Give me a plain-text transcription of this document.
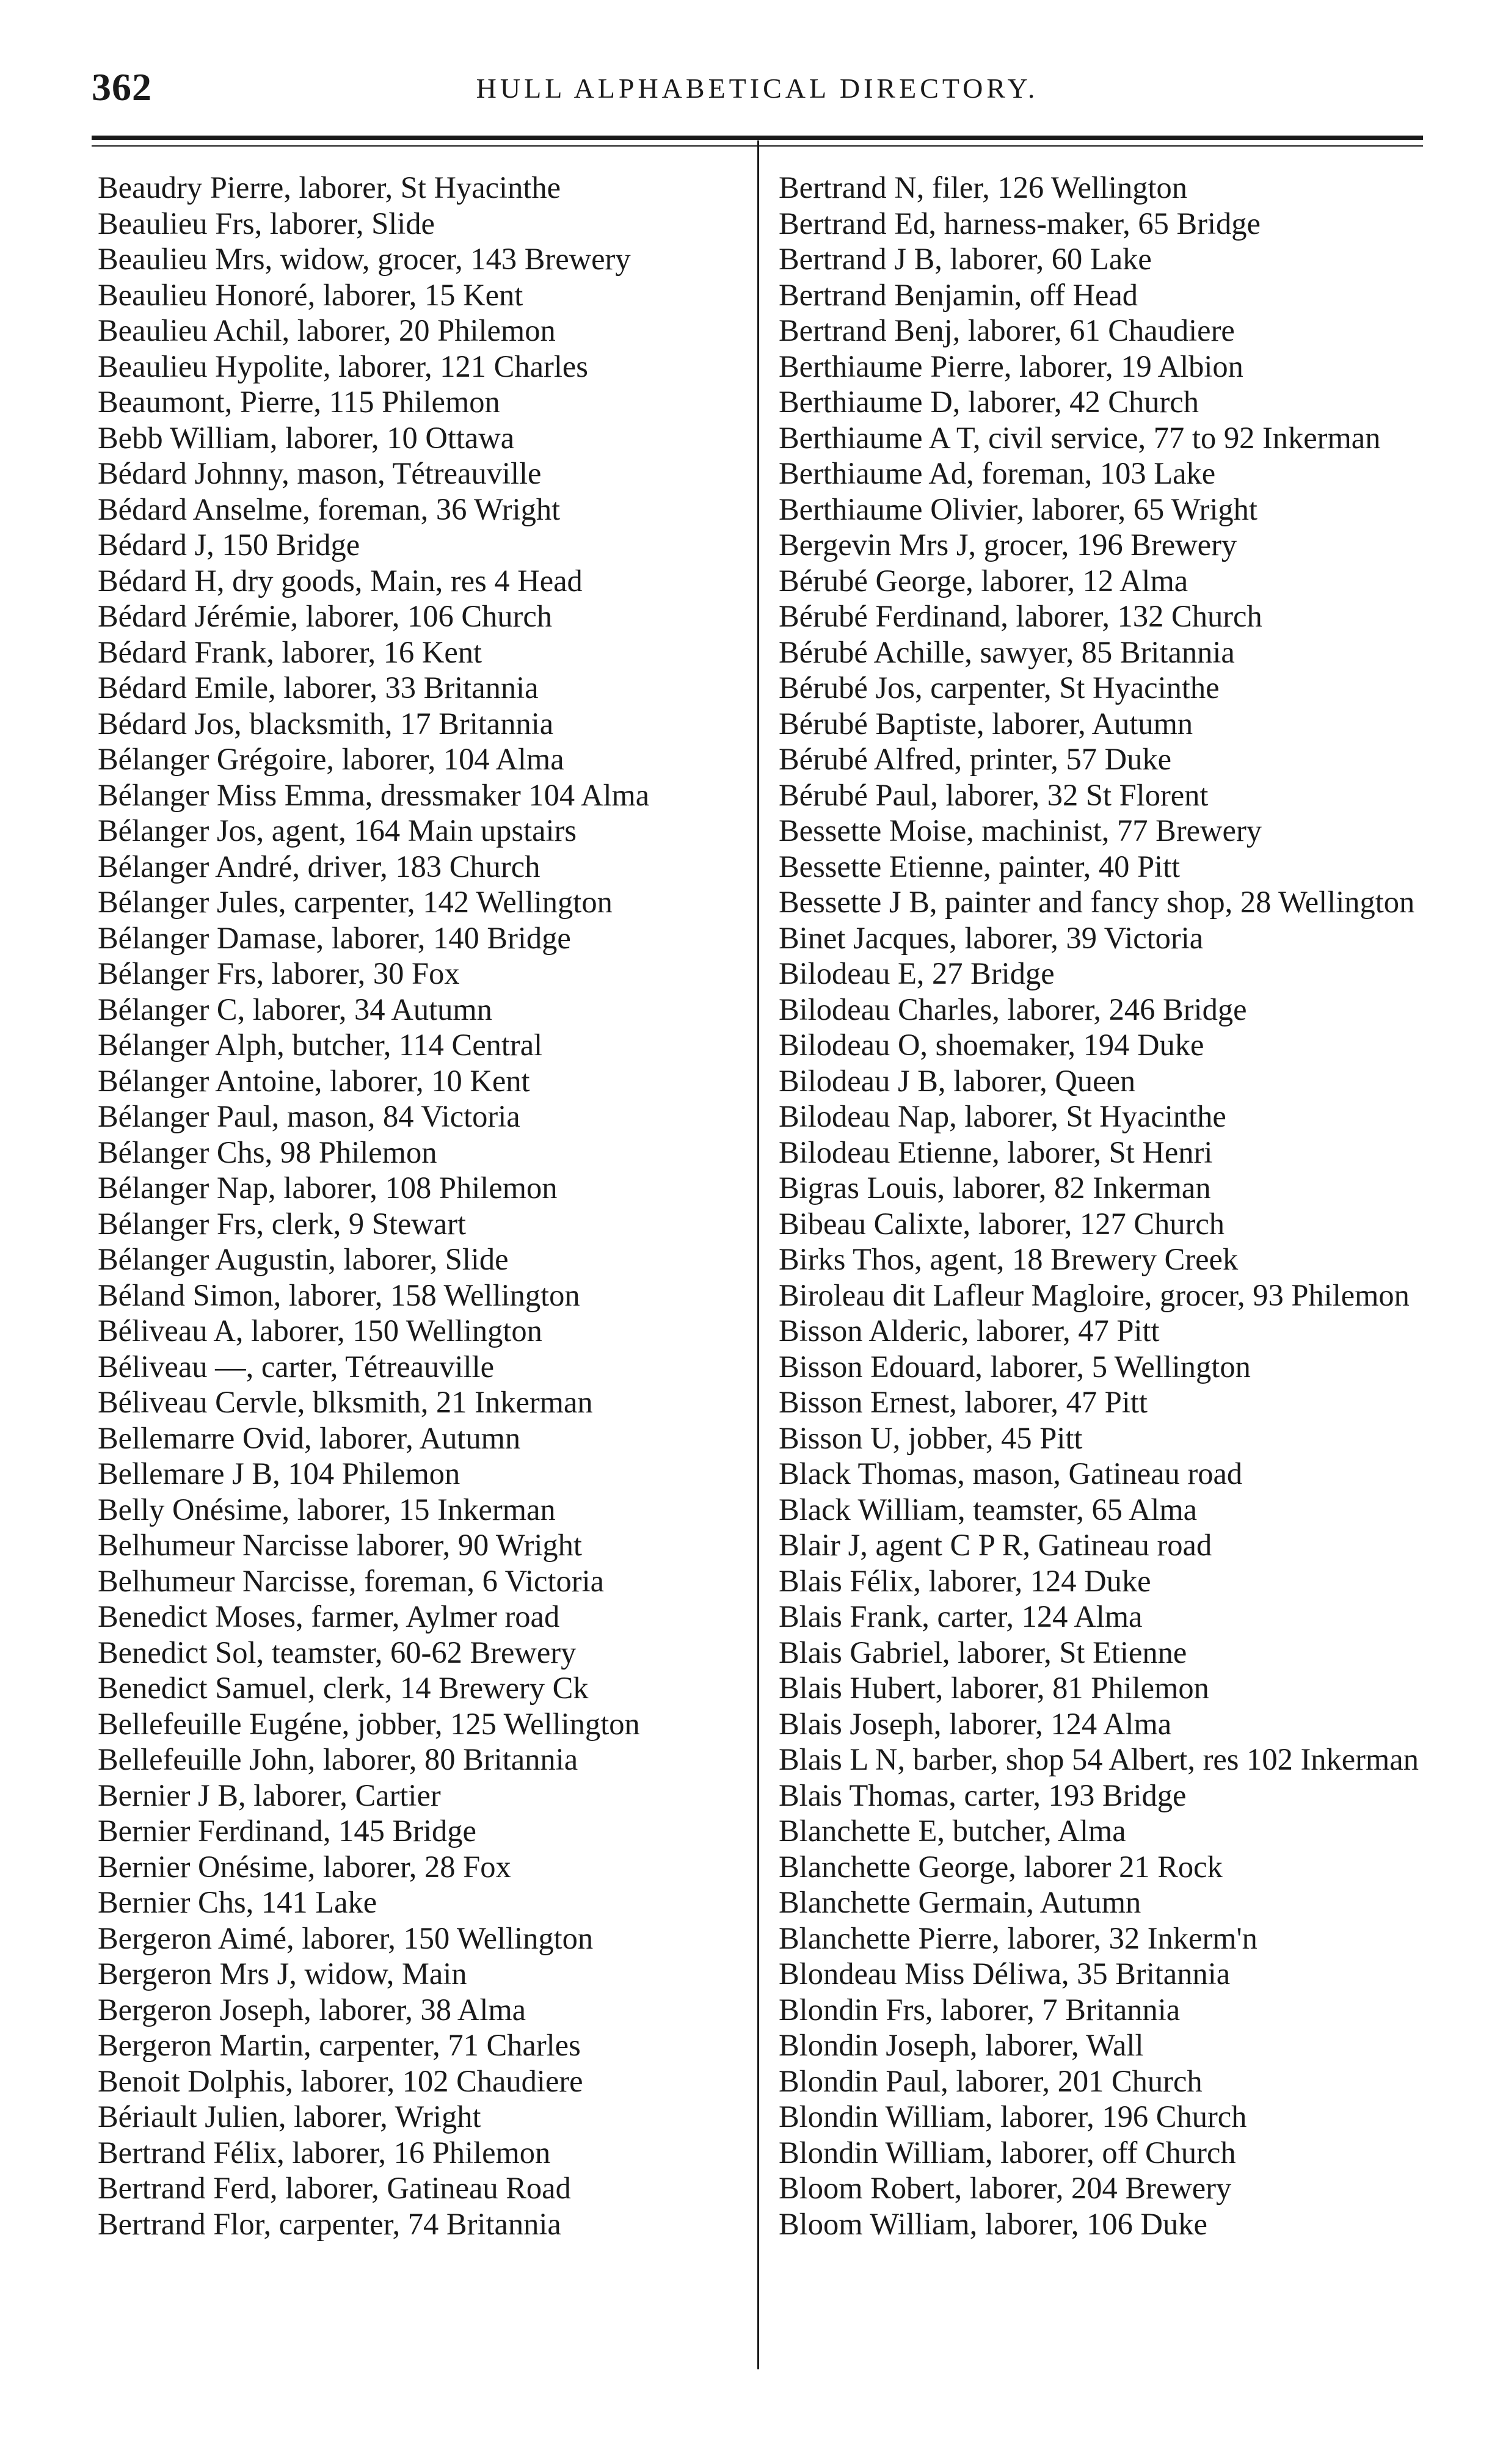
362	HULL ALPHABETICAL DIRECTORY.
Beaudry Pierre, laborer, St Hyacinthe
Beaulieu Frs, laborer, Slide
Beaulieu Mrs, widow, grocer, 143 Brewery
Beaulieu Honoré, laborer, 15 Kent
Beaulieu Achil, laborer, 20 Philemon
Beaulieu Hypolite, laborer, 121 Charles
Beaumont, Pierre, 115 Philemon
Bebb William, laborer, 10 Ottawa
Bédard Johnny, mason, Tétreauville
Bédard Anselme, foreman, 36 Wright
Bédard J, 150 Bridge
Bédard H, dry goods, Main, res 4 Head
Bédard Jérémie, laborer, 106 Church
Bédard Frank, laborer, 16 Kent
Bédard Emile, laborer, 33 Britannia
Bédard Jos, blacksmith, 17 Britannia
Bélanger Grégoire, laborer, 104 Alma
Bélanger Miss Emma, dressmaker 104 Alma
Bélanger Jos, agent, 164 Main upstairs
Bélanger André, driver, 183 Church
Bélanger Jules, carpenter, 142 Wellington
Bélanger Damase, laborer, 140 Bridge
Bélanger Frs, laborer, 30 Fox
Bélanger C, laborer, 34 Autumn
Bélanger Alph, butcher, 114 Central
Bélanger Antoine, laborer, 10 Kent
Bélanger Paul, mason, 84 Victoria
Bélanger Chs, 98 Philemon
Bélanger Nap, laborer, 108 Philemon
Bélanger Frs, clerk, 9 Stewart
Bélanger Augustin, laborer, Slide
Béland Simon, laborer, 158 Wellington
Béliveau A, laborer, 150 Wellington
Béliveau —, carter, Tétreauville
Béliveau Cervle, blksmith, 21 Inkerman
Bellemarre Ovid, laborer, Autumn
Bellemare J B, 104 Philemon
Belly Onésime, laborer, 15 Inkerman
Belhumeur Narcisse laborer, 90 Wright
Belhumeur Narcisse, foreman, 6 Victoria
Benedict Moses, farmer, Aylmer road
Benedict Sol, teamster, 60-62 Brewery
Benedict Samuel, clerk, 14 Brewery Ck
Bellefeuille Eugéne, jobber, 125 Wellington
Bellefeuille John, laborer, 80 Britannia
Bernier J B, laborer, Cartier
Bernier Ferdinand, 145 Bridge
Bernier Onésime, laborer, 28 Fox
Bernier Chs, 141 Lake
Bergeron Aimé, laborer, 150 Wellington
Bergeron Mrs J, widow, Main
Bergeron Joseph, laborer, 38 Alma
Bergeron Martin, carpenter, 71 Charles
Benoit Dolphis, laborer, 102 Chaudiere
Bériault Julien, laborer, Wright
Bertrand Félix, laborer, 16 Philemon
Bertrand Ferd, laborer, Gatineau Road
Bertrand Flor, carpenter, 74 Britannia
Bertrand N, filer, 126 Wellington
Bertrand Ed, harness-maker, 65 Bridge
Bertrand J B, laborer, 60 Lake
Bertrand Benjamin, off Head
Bertrand Benj, laborer, 61 Chaudiere
Berthiaume Pierre, laborer, 19 Albion
Berthiaume D, laborer, 42 Church
Berthiaume A T, civil service, 77 to 92 Inkerman
Berthiaume Ad, foreman, 103 Lake
Berthiaume Olivier, laborer, 65 Wright
Bergevin Mrs J, grocer, 196 Brewery
Bérubé George, laborer, 12 Alma
Bérubé Ferdinand, laborer, 132 Church
Bérubé Achille, sawyer, 85 Britannia
Bérubé Jos, carpenter, St Hyacinthe
Bérubé Baptiste, laborer, Autumn
Bérubé Alfred, printer, 57 Duke
Bérubé Paul, laborer, 32 St Florent
Bessette Moise, machinist, 77 Brewery
Bessette Etienne, painter, 40 Pitt
Bessette J B, painter and fancy shop, 28 Wellington
Binet Jacques, laborer, 39 Victoria
Bilodeau E, 27 Bridge
Bilodeau Charles, laborer, 246 Bridge
Bilodeau O, shoemaker, 194 Duke
Bilodeau J B, laborer, Queen
Bilodeau Nap, laborer, St Hyacinthe
Bilodeau Etienne, laborer, St Henri
Bigras Louis, laborer, 82 Inkerman
Bibeau Calixte, laborer, 127 Church
Birks Thos, agent, 18 Brewery Creek
Biroleau dit Lafleur Magloire, grocer, 93 Philemon
Bisson Alderic, laborer, 47 Pitt
Bisson Edouard, laborer, 5 Wellington
Bisson Ernest, laborer, 47 Pitt
Bisson U, jobber, 45 Pitt
Black Thomas, mason, Gatineau road
Black William, teamster, 65 Alma
Blair J, agent C P R, Gatineau road
Blais Félix, laborer, 124 Duke
Blais Frank, carter, 124 Alma
Blais Gabriel, laborer, St Etienne
Blais Hubert, laborer, 81 Philemon
Blais Joseph, laborer, 124 Alma
Blais L N, barber, shop 54 Albert, res 102 Inkerman
Blais Thomas, carter, 193 Bridge
Blanchette E, butcher, Alma
Blanchette George, laborer 21 Rock
Blanchette Germain, Autumn
Blanchette Pierre, laborer, 32 Inkerm'n
Blondeau Miss Déliwa, 35 Britannia
Blondin Frs, laborer, 7 Britannia
Blondin Joseph, laborer, Wall
Blondin Paul, laborer, 201 Church
Blondin William, laborer, 196 Church
Blondin William, laborer, off Church
Bloom Robert, laborer, 204 Brewery
Bloom William, laborer, 106 Duke
